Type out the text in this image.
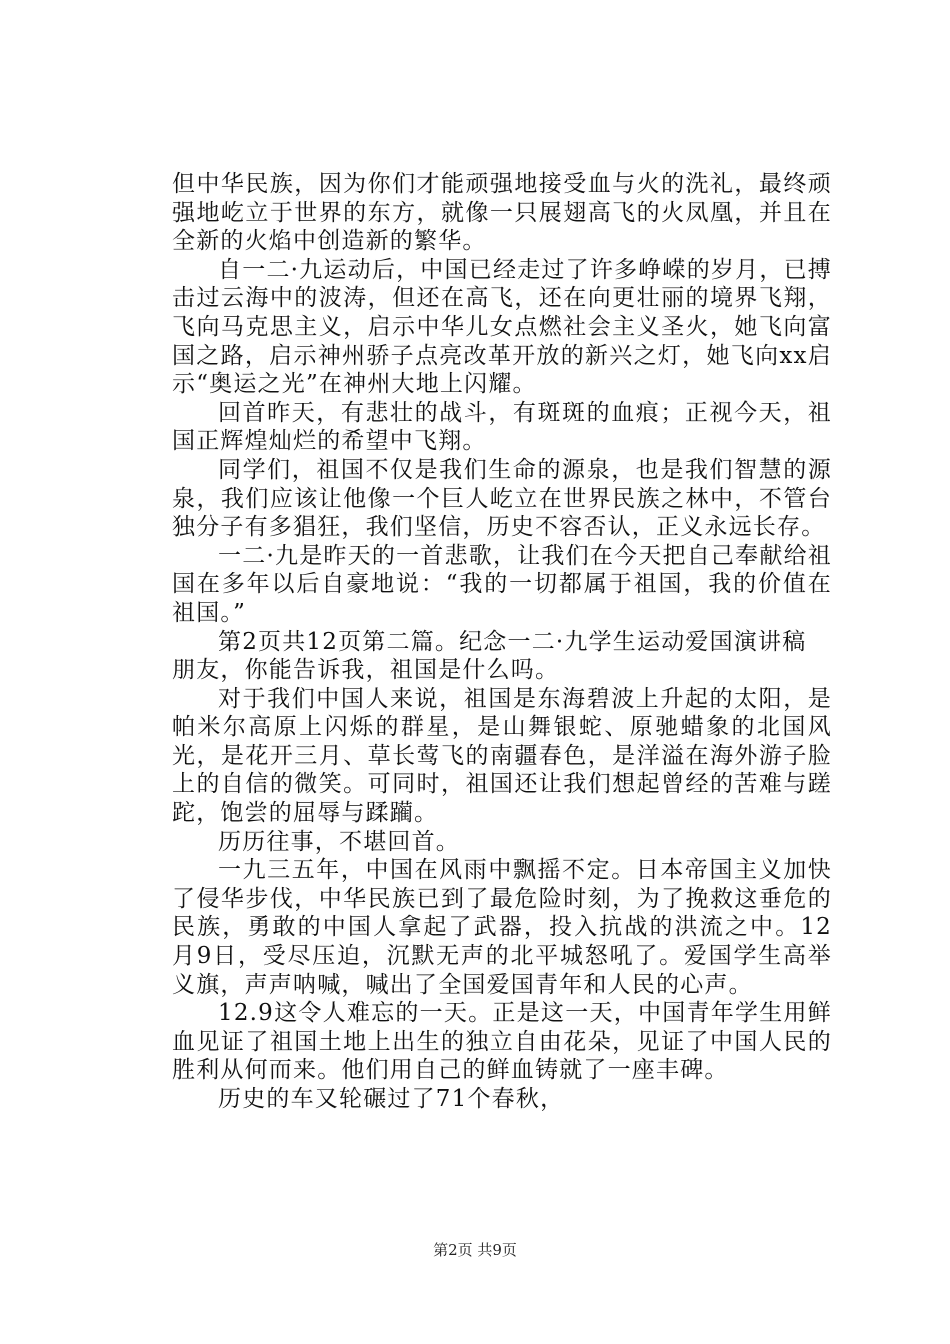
但中华民族，因为你们才能顽强地接受血与火的洗礼，最终顽强地屹立于世界的东方，就像一只展翅高飞的火凤凰，并且在全新的火焰中创造新的繁华。

自一二·九运动后，中国已经走过了许多峥嵘的岁月，已搏击过云海中的波涛，但还在高飞，还在向更壮丽的境界飞翔，飞向马克思主义，启示中华儿女点燃社会主义圣火，她飞向富国之路，启示神州骄子点亮改革开放的新兴之灯，她飞向xx启示“奥运之光”在神州大地上闪耀。

回首昨天，有悲壮的战斗，有斑斑的血痕；正视今天，祖国正辉煌灿烂的希望中飞翔。

同学们，祖国不仅是我们生命的源泉，也是我们智慧的源泉，我们应该让他像一个巨人屹立在世界民族之林中，不管台独分子有多猖狂，我们坚信，历史不容否认，正义永远长存。

一二·九是昨天的一首悲歌，让我们在今天把自己奉献给祖国在多年以后自豪地说：“我的一切都属于祖国，我的价值在祖国。”

第2页共12页第二篇。纪念一二·九学生运动爱国演讲稿

朋友，你能告诉我，祖国是什么吗。

对于我们中国人来说，祖国是东海碧波上升起的太阳，是帕米尔高原上闪烁的群星，是山舞银蛇、原驰蜡象的北国风光，是花开三月、草长莺飞的南疆春色，是洋溢在海外游子脸上的自信的微笑。可同时，祖国还让我们想起曾经的苦难与蹉跎，饱尝的屈辱与蹂躏。

历历往事，不堪回首。

一九三五年，中国在风雨中飘摇不定。日本帝国主义加快了侵华步伐，中华民族已到了最危险时刻，为了挽救这垂危的民族，勇敢的中国人拿起了武器，投入抗战的洪流之中。12月9日，受尽压迫，沉默无声的北平城怒吼了。爱国学生高举义旗，声声呐喊，喊出了全国爱国青年和人民的心声。

12.9这令人难忘的一天。正是这一天，中国青年学生用鲜血见证了祖国土地上出生的独立自由花朵，见证了中国人民的胜利从何而来。他们用自己的鲜血铸就了一座丰碑。

历史的车又轮碾过了71个春秋，

第2页 共9页
